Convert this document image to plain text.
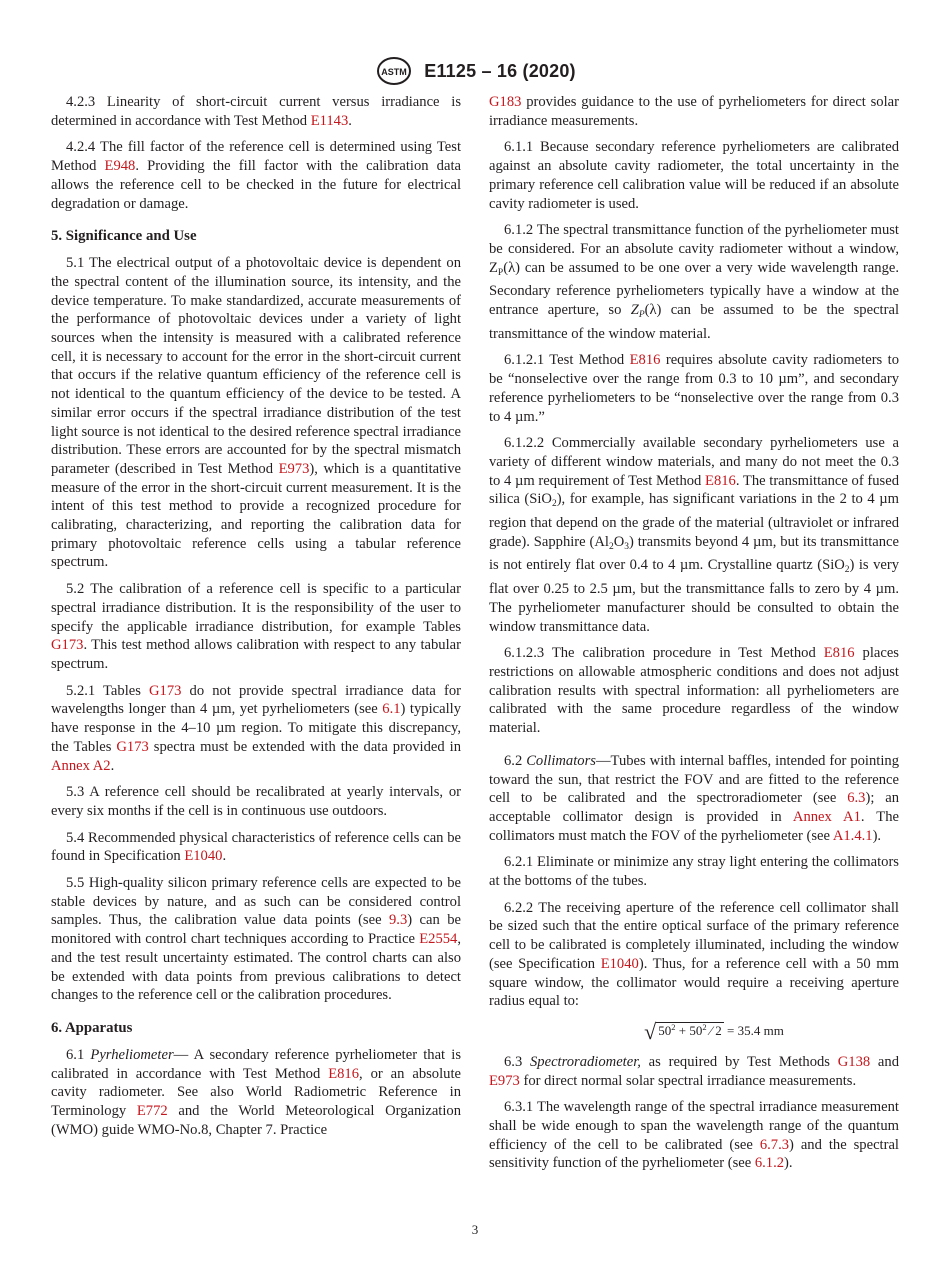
ASTM E1125 – 16 (2020)

4.2.3 Linearity of short-circuit current versus irradiance is determined in accordance with Test Method E1143.

4.2.4 The fill factor of the reference cell is determined using Test Method E948. Providing the fill factor with the calibration data allows the reference cell to be checked in the future for electrical degradation or damage.

5. Significance and Use

5.1 The electrical output of a photovoltaic device is dependent on the spectral content of the illumination source, its intensity, and the device temperature. To make standardized, accurate measurements of the performance of photovoltaic devices under a variety of light sources when the intensity is measured with a calibrated reference cell, it is necessary to account for the error in the short-circuit current that occurs if the relative quantum efficiency of the reference cell is not identical to the quantum efficiency of the device to be tested. A similar error occurs if the spectral irradiance distribution of the test light source is not identical to the desired reference spectral irradiance distribution. These errors are accounted for by the spectral mismatch parameter (described in Test Method E973), which is a quantitative measure of the error in the short-circuit current measurement. It is the intent of this test method to provide a recognized procedure for calibrating, characterizing, and reporting the calibration data for primary photovoltaic reference cells using a tabular reference spectrum.

5.2 The calibration of a reference cell is specific to a particular spectral irradiance distribution. It is the responsibility of the user to specify the applicable irradiance distribution, for example Tables G173. This test method allows calibration with respect to any tabular spectrum.

5.2.1 Tables G173 do not provide spectral irradiance data for wavelengths longer than 4 µm, yet pyrheliometers (see 6.1) typically have response in the 4–10 µm region. To mitigate this discrepancy, the Tables G173 spectra must be extended with the data provided in Annex A2.

5.3 A reference cell should be recalibrated at yearly intervals, or every six months if the cell is in continuous use outdoors.

5.4 Recommended physical characteristics of reference cells can be found in Specification E1040.

5.5 High-quality silicon primary reference cells are expected to be stable devices by nature, and as such can be considered control samples. Thus, the calibration value data points (see 9.3) can be monitored with control chart techniques according to Practice E2554, and the test result uncertainty estimated. The control charts can also be extended with data points from previous calibrations to detect changes to the reference cell or the calibration procedures.

6. Apparatus

6.1 Pyrheliometer— A secondary reference pyrheliometer that is calibrated in accordance with Test Method E816, or an absolute cavity radiometer. See also World Radiometric Reference in Terminology E772 and the World Meteorological Organization (WMO) guide WMO-No.8, Chapter 7. Practice

G183 provides guidance to the use of pyrheliometers for direct solar irradiance measurements.

6.1.1 Because secondary reference pyrheliometers are calibrated against an absolute cavity radiometer, the total uncertainty in the primary reference cell calibration value will be reduced if an absolute cavity radiometer is used.

6.1.2 The spectral transmittance function of the pyrheliometer must be considered. For an absolute cavity radiometer without a window, $Z_P(\lambda)$ can be assumed to be one over a very wide wavelength range. Secondary reference pyrheliometers typically have a window at the entrance aperture, so $Z_P(\lambda)$ can be assumed to be the spectral transmittance of the window material.

6.1.2.1 Test Method E816 requires absolute cavity radiometers to be “nonselective over the range from 0.3 to 10 µm”, and secondary reference pyrheliometers to be “nonselective over the range from 0.3 to 4 µm.”

6.1.2.2 Commercially available secondary pyrheliometers use a variety of different window materials, and many do not meet the 0.3 to 4 µm requirement of Test Method E816. The transmittance of fused silica (SiO$_2$), for example, has significant variations in the 2 to 4 µm region that depend on the grade of the material (ultraviolet or infrared grade). Sapphire $(Al_2O_3)$ transmits beyond 4 µm, but its transmittance is not entirely flat over 0.4 to 4 µm. Crystalline quartz (SiO$_2$) is very flat over 0.25 to 2.5 µm, but the transmittance falls to zero by 4 µm. The pyrheliometer manufacturer should be consulted to obtain the window transmittance data.

6.1.2.3 The calibration procedure in Test Method E816 places restrictions on allowable atmospheric conditions and does not adjust calibration results with spectral information: all pyrheliometers are calibrated with the same procedure regardless of the window material.

6.2 Collimators—Tubes with internal baffles, intended for pointing toward the sun, that restrict the FOV and are fitted to the reference cell to be calibrated and the spectroradiometer (see 6.3); an acceptable collimator design is provided in Annex A1. The collimators must match the FOV of the pyrheliometer (see A1.4.1).

6.2.1 Eliminate or minimize any stray light entering the collimators at the bottoms of the tubes.

6.2.2 The receiving aperture of the reference cell collimator shall be sized such that the entire optical surface of the primary reference cell to be calibrated is completely illuminated, including the window (see Specification E1040). Thus, for a reference cell with a 50 mm square window, the collimator would require a receiving aperture radius equal to:

√ $50^2 + 50^2$ ⁄ 2 = 35.4 mm

6.3 Spectroradiometer, as required by Test Methods G138 and E973 for direct normal solar spectral irradiance measurements.

6.3.1 The wavelength range of the spectral irradiance measurement shall be wide enough to span the wavelength range of the quantum efficiency of the cell to be calibrated (see 6.7.3) and the spectral sensitivity function of the pyrheliometer (see 6.1.2).

3
